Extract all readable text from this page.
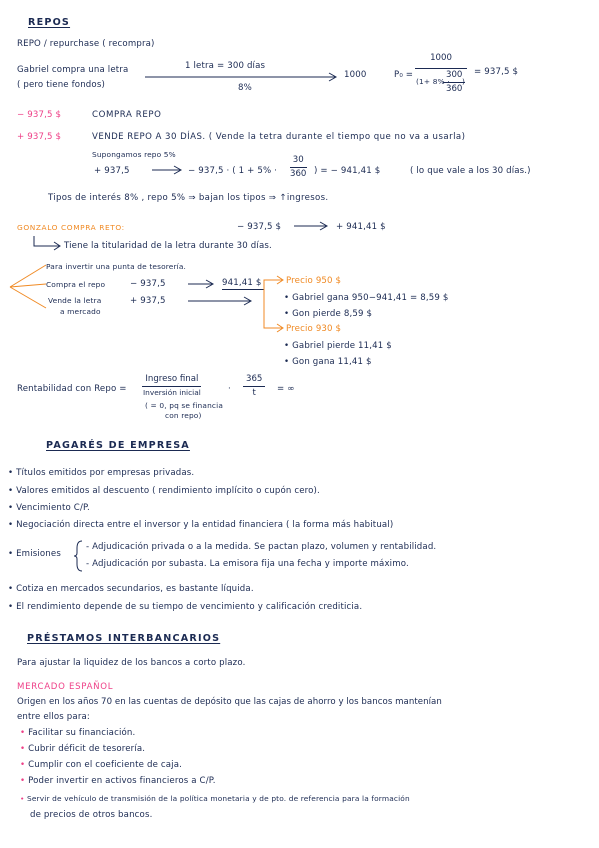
REPOS
REPO / repurchase ( recompra)
Gabriel compra una letra
( pero tiene fondos)
1 letra = 300 días
8%
1000	P₀ =
1000
(1+ 8% ·
$\frac{300}{360}$
)
= 937,5 $
− 937,5 $	COMPRA REPO
+ 937,5 $	VENDE REPO A 30 DÍAS. ( Vende la tetra durante el tiempo que no va a usarla)
Supongamos repo 5%
+ 937,5	− 937,5 · ( $1 + 5\% \cdot \frac{30}{360}$ ) = − 941,41 $	( lo que vale a los 30 días.)
Tipos de interés 8% , repo 5% ⇒ bajan los tipos ⇒ ↑ingresos.
GONZALO COMPRA RETO:	− 937,5 $	+ 941,41 $
Tiene la titularidad de la letra durante 30 días.
Para invertir una punta de tesorería.
Compra el repo	− 937,5	941,41 $
Vende la letra
a mercado
+ 937,5
Precio 950 $
• Gabriel gana 950−941,41 = 8,59 $
• Gon pierde 8,59 $
Precio 930 $
• Gabriel pierde 11,41 $
• Gon gana 11,41 $
Rentabilidad con Repo =
Ingreso final
Inversión inicial
( = 0, pq se financia
con repo)
· $\frac{365}{t}$ = ∞
PAGARÉS DE EMPRESA
• Títulos emitidos por empresas privadas.
• Valores emitidos al descuento ( rendimiento implícito o cupón cero).
• Vencimiento C/P.
• Negociación directa entre el inversor y la entidad financiera ( la forma más habitual)
• Emisiones
- Adjudicación privada o a la medida. Se pactan plazo, volumen y rentabilidad.
- Adjudicación por subasta. La emisora fija una fecha y importe máximo.
• Cotiza en mercados secundarios, es bastante líquida.
• El rendimiento depende de su tiempo de vencimiento y calificación crediticia.
PRÉSTAMOS INTERBANCARIOS
Para ajustar la liquidez de los bancos a corto plazo.
MERCADO ESPAÑOL
Origen en los años 70 en las cuentas de depósito que las cajas de ahorro y los bancos mantenían
entre ellos para:
• Facilitar su financiación.
• Cubrir déficit de tesorería.
• Cumplir con el coeficiente de caja.
• Poder invertir en activos financieros a C/P.
• Servir de vehículo de transmisión de la política monetaria y de pto. de referencia para la formación
de precios de otros bancos.
